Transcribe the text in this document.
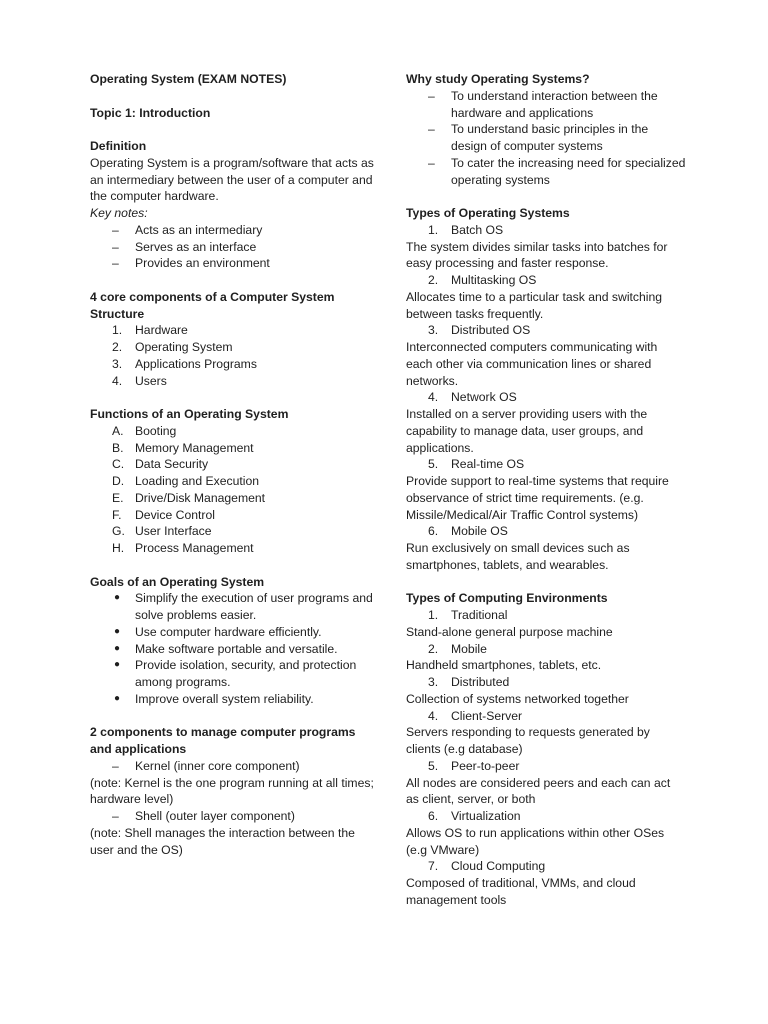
Operating System (EXAM NOTES)
Topic 1: Introduction
Definition
Operating System is a program/software that acts as an intermediary between the user of a computer and the computer hardware.
Key notes:
–	Acts as an intermediary
–	Serves as an interface
–	Provides an environment
4 core components of a Computer System Structure
1.	Hardware
2.	Operating System
3.	Applications Programs
4.	Users
Functions of an Operating System
A. Booting
B. Memory Management
C. Data Security
D. Loading and Execution
E. Drive/Disk Management
F.	Device Control
G. User Interface
H. Process Management
Goals of an Operating System
●	Simplify the execution of user programs and solve problems easier.
●	Use computer hardware efficiently.
●	Make software portable and versatile.
●	Provide isolation, security, and protection among programs.
●	Improve overall system reliability.
2 components to manage computer programs and applications
–	Kernel (inner core component)
(note: Kernel is the one program running at all times; hardware level)
–	Shell (outer layer component)
(note: Shell manages the interaction between the user and the OS)
Why study Operating Systems?
–	To understand interaction between the hardware and applications
–	To understand basic principles in the design of computer systems
–	To cater the increasing need for specialized operating systems
Types of Operating Systems
1.	Batch OS
The system divides similar tasks into batches for easy processing and faster response.
2.	Multitasking OS
Allocates time to a particular task and switching between tasks frequently.
3.	Distributed OS
Interconnected computers communicating with each other via communication lines or shared networks.
4.	Network OS
Installed on a server providing users with the capability to manage data, user groups, and applications.
5.	Real-time OS
Provide support to real-time systems that require observance of strict time requirements. (e.g. Missile/Medical/Air Traffic Control systems)
6.	Mobile OS
Run exclusively on small devices such as smartphones, tablets, and wearables.
Types of Computing Environments
1.	Traditional
Stand-alone general purpose machine
2.	Mobile
Handheld smartphones, tablets, etc.
3.	Distributed
Collection of systems networked together
4.	Client-Server
Servers responding to requests generated by clients (e.g database)
5.	Peer-to-peer
All nodes are considered peers and each can act as client, server, or both
6.	Virtualization
Allows OS to run applications within other OSes (e.g VMware)
7.	Cloud Computing
Composed of traditional, VMMs, and cloud management tools
